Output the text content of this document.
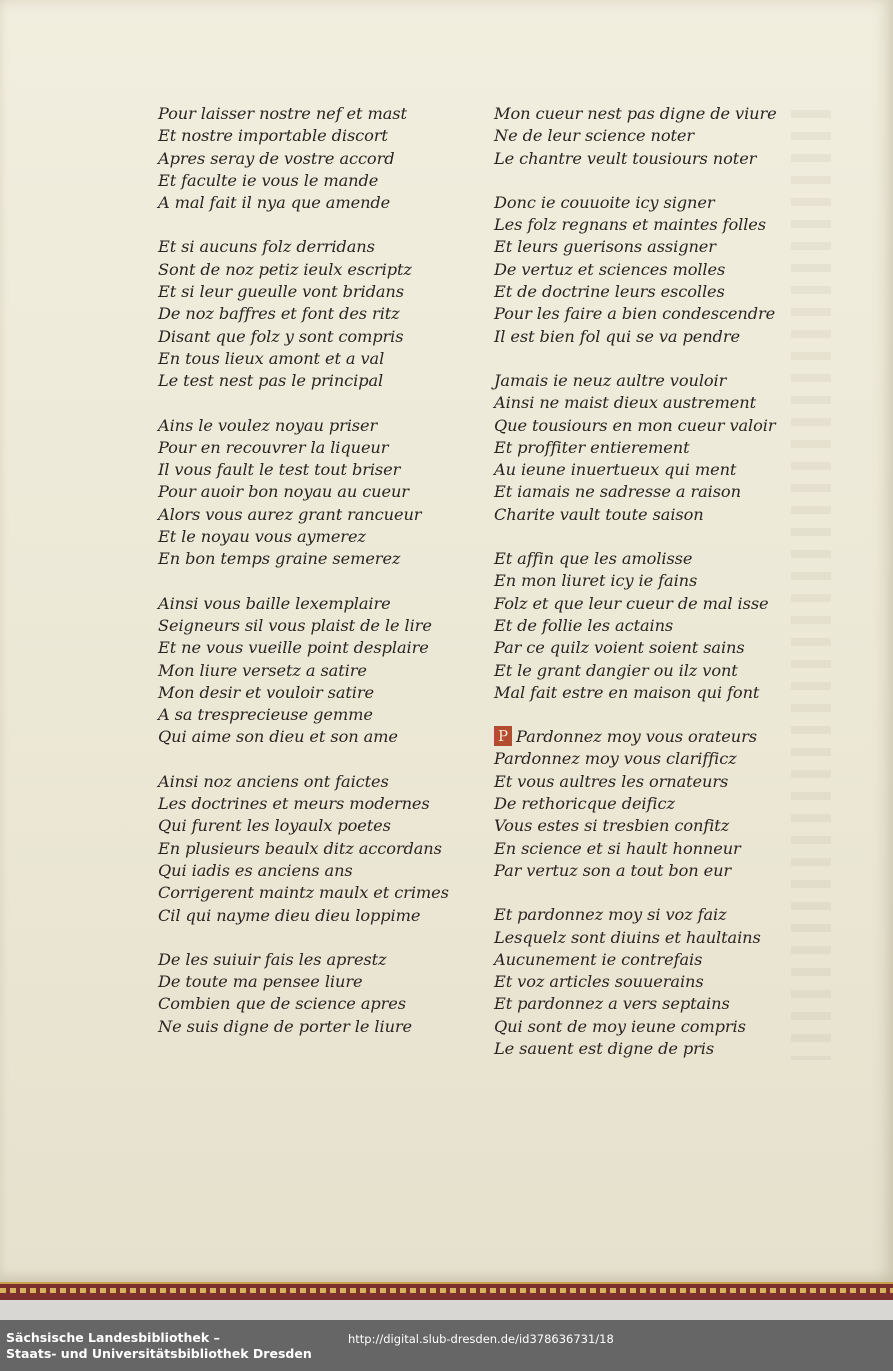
Pour laisser nostre nef et mast
Et nostre importable discort
Apres seray de vostre accord
Et faculte ie vous le mande
A mal fait il nya que amende
Et si aucuns folz derridans
Sont de noz petiz ieulx escriptz
Et si leur gueulle vont bridans
De noz baffres et font des ritz
Disant que folz y sont compris
En tous lieux amont et a val
Le test nest pas le principal
Ains le voulez noyau priser
Pour en recouvrer la liqueur
Il vous fault le test tout briser
Pour auoir bon noyau au cueur
Alors vous aurez grant rancueur
Et le noyau vous aymerez
En bon temps graine semerez
Ainsi vous baille lexemplaire
Seigneurs sil vous plaist de le lire
Et ne vous vueille point desplaire
Mon liure versetz a satire
Mon desir et vouloir satire
A sa tresprecieuse gemme
Qui aime son dieu et son ame
Ainsi noz anciens ont faictes
Les doctrines et meurs modernes
Qui furent les loyaulx poetes
En plusieurs beaulx ditz accordans
Qui iadis es anciens ans
Corrigerent maintz maulx et crimes
Cil qui nayme dieu dieu loppime
De les suiuir fais les aprestz
De toute ma pensee liure
Combien que de science apres
Ne suis digne de porter le liure
Mon cueur nest pas digne de viure
Ne de leur science noter
Le chantre veult tousiours noter
Donc ie couuoite icy signer
Les folz regnans et maintes folles
Et leurs guerisons assigner
De vertuz et sciences molles
Et de doctrine leurs escolles
Pour les faire a bien condescendre
Il est bien fol qui se va pendre
Jamais ie neuz aultre vouloir
Ainsi ne maist dieux austrement
Que tousiours en mon cueur valoir
Et proffiter entierement
Au ieune inuertueux qui ment
Et iamais ne sadresse a raison
Charite vault toute saison
Et affin que les amolisse
En mon liuret icy ie fains
Folz et que leur cueur de mal isse
Et de follie les actains
Par ce quilz voient soient sains
Et le grant dangier ou ilz vont
Mal fait estre en maison qui font
P Pardonnez moy vous orateurs
Pardonnez moy vous clarifficz
Et vous aultres les ornateurs
De rethoricque deificz
Vous estes si tresbien confitz
En science et si hault honneur
Par vertuz son a tout bon eur
Et pardonnez moy si voz faiz
Lesquelz sont diuins et haultains
Aucunement ie contrefais
Et voz articles souuerains
Et pardonnez a vers septains
Qui sont de moy ieune compris
Le sauent est digne de pris
Sächsische Landesbibliothek –
Staats- und Universitätsbibliothek Dresden
http://digital.slub-dresden.de/id378636731/18
